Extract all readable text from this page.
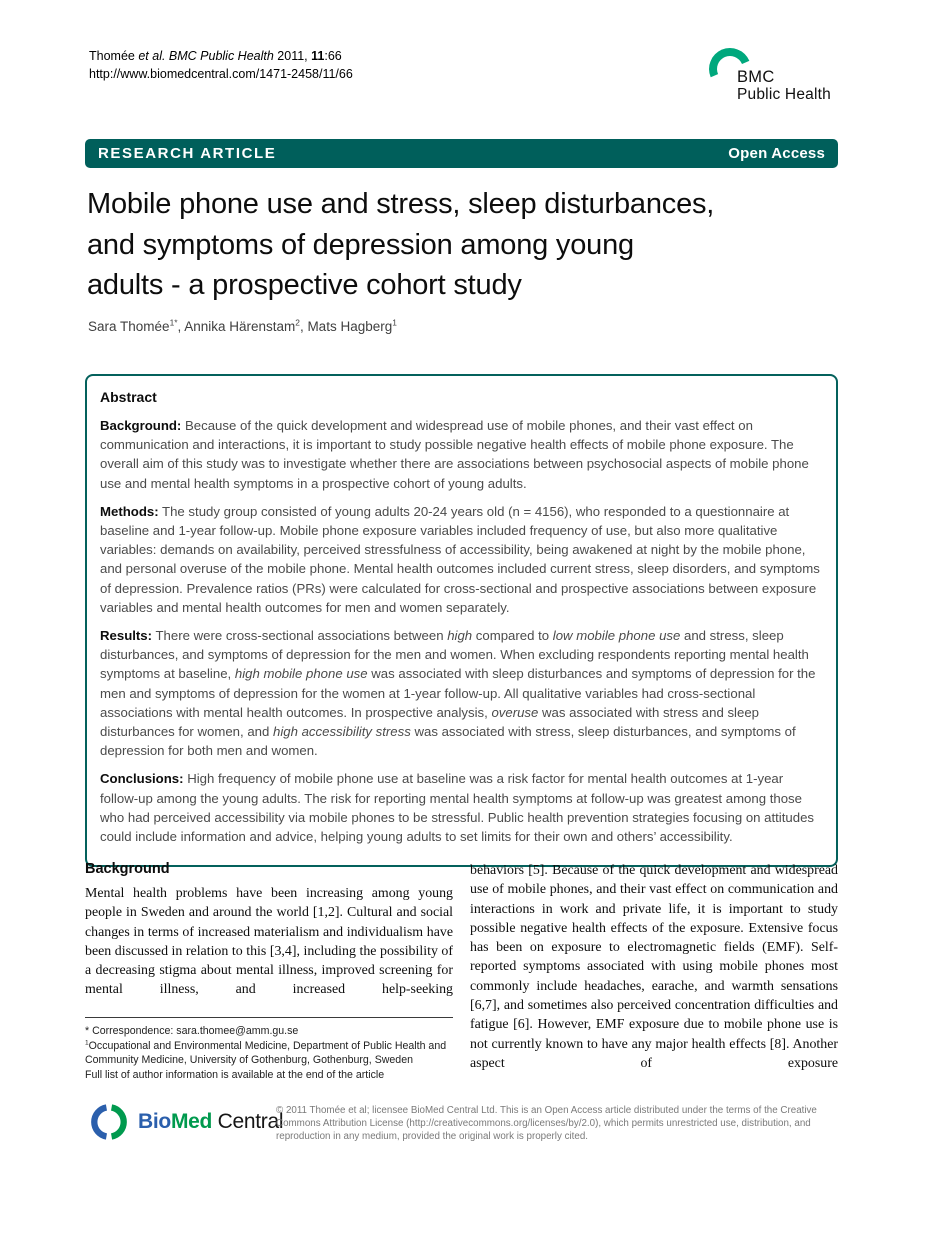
Thomée et al. BMC Public Health 2011, 11:66
http://www.biomedcentral.com/1471-2458/11/66	BMC
Public Health
RESEARCH ARTICLE	Open Access
Mobile phone use and stress, sleep disturbances,
and symptoms of depression among young
adults - a prospective cohort study
Sara Thomée$^{1*}$, Annika Härenstam$^2$, Mats Hagberg$^1$
Abstract

Background: Because of the quick development and widespread use of mobile phones, and their vast effect on communication and interactions, it is important to study possible negative health effects of mobile phone exposure. The overall aim of this study was to investigate whether there are associations between psychosocial aspects of mobile phone use and mental health symptoms in a prospective cohort of young adults.

Methods: The study group consisted of young adults 20-24 years old (n = 4156), who responded to a questionnaire at baseline and 1-year follow-up. Mobile phone exposure variables included frequency of use, but also more qualitative variables: demands on availability, perceived stressfulness of accessibility, being awakened at night by the mobile phone, and personal overuse of the mobile phone. Mental health outcomes included current stress, sleep disorders, and symptoms of depression. Prevalence ratios (PRs) were calculated for cross-sectional and prospective associations between exposure variables and mental health outcomes for men and women separately.

Results: There were cross-sectional associations between high compared to low mobile phone use and stress, sleep disturbances, and symptoms of depression for the men and women. When excluding respondents reporting mental health symptoms at baseline, high mobile phone use was associated with sleep disturbances and symptoms of depression for the men and symptoms of depression for the women at 1-year follow-up. All qualitative variables had cross-sectional associations with mental health outcomes. In prospective analysis, overuse was associated with stress and sleep disturbances for women, and high accessibility stress was associated with stress, sleep disturbances, and symptoms of depression for both men and women.

Conclusions: High frequency of mobile phone use at baseline was a risk factor for mental health outcomes at 1-year follow-up among the young adults. The risk for reporting mental health symptoms at follow-up was greatest among those who had perceived accessibility via mobile phones to be stressful. Public health prevention strategies focusing on attitudes could include information and advice, helping young adults to set limits for their own and others’ accessibility.

Background

Mental health problems have been increasing among young people in Sweden and around the world [1,2]. Cultural and social changes in terms of increased materialism and individualism have been discussed in relation to this [3,4], including the possibility of a decreasing stigma about mental illness, improved screening for mental illness, and increased help-seeking

* Correspondence: sara.thomee@amm.gu.se
$^1$Occupational and Environmental Medicine, Department of Public Health and Community Medicine, University of Gothenburg, Gothenburg, Sweden
Full list of author information is available at the end of the article

behaviors [5]. Because of the quick development and widespread use of mobile phones, and their vast effect on communication and interactions in work and private life, it is important to study possible negative health effects of the exposure. Extensive focus has been on exposure to electromagnetic fields (EMF). Self-reported symptoms associated with using mobile phones most commonly include headaches, earache, and warmth sensations [6,7], and sometimes also perceived concentration difficulties and fatigue [6]. However, EMF exposure due to mobile phone use is not currently known to have any major health effects [8]. Another aspect of exposure

BioMed Central
© 2011 Thomée et al; licensee BioMed Central Ltd. This is an Open Access article distributed under the terms of the Creative Commons Attribution License (http://creativecommons.org/licenses/by/2.0), which permits unrestricted use, distribution, and reproduction in any medium, provided the original work is properly cited.
